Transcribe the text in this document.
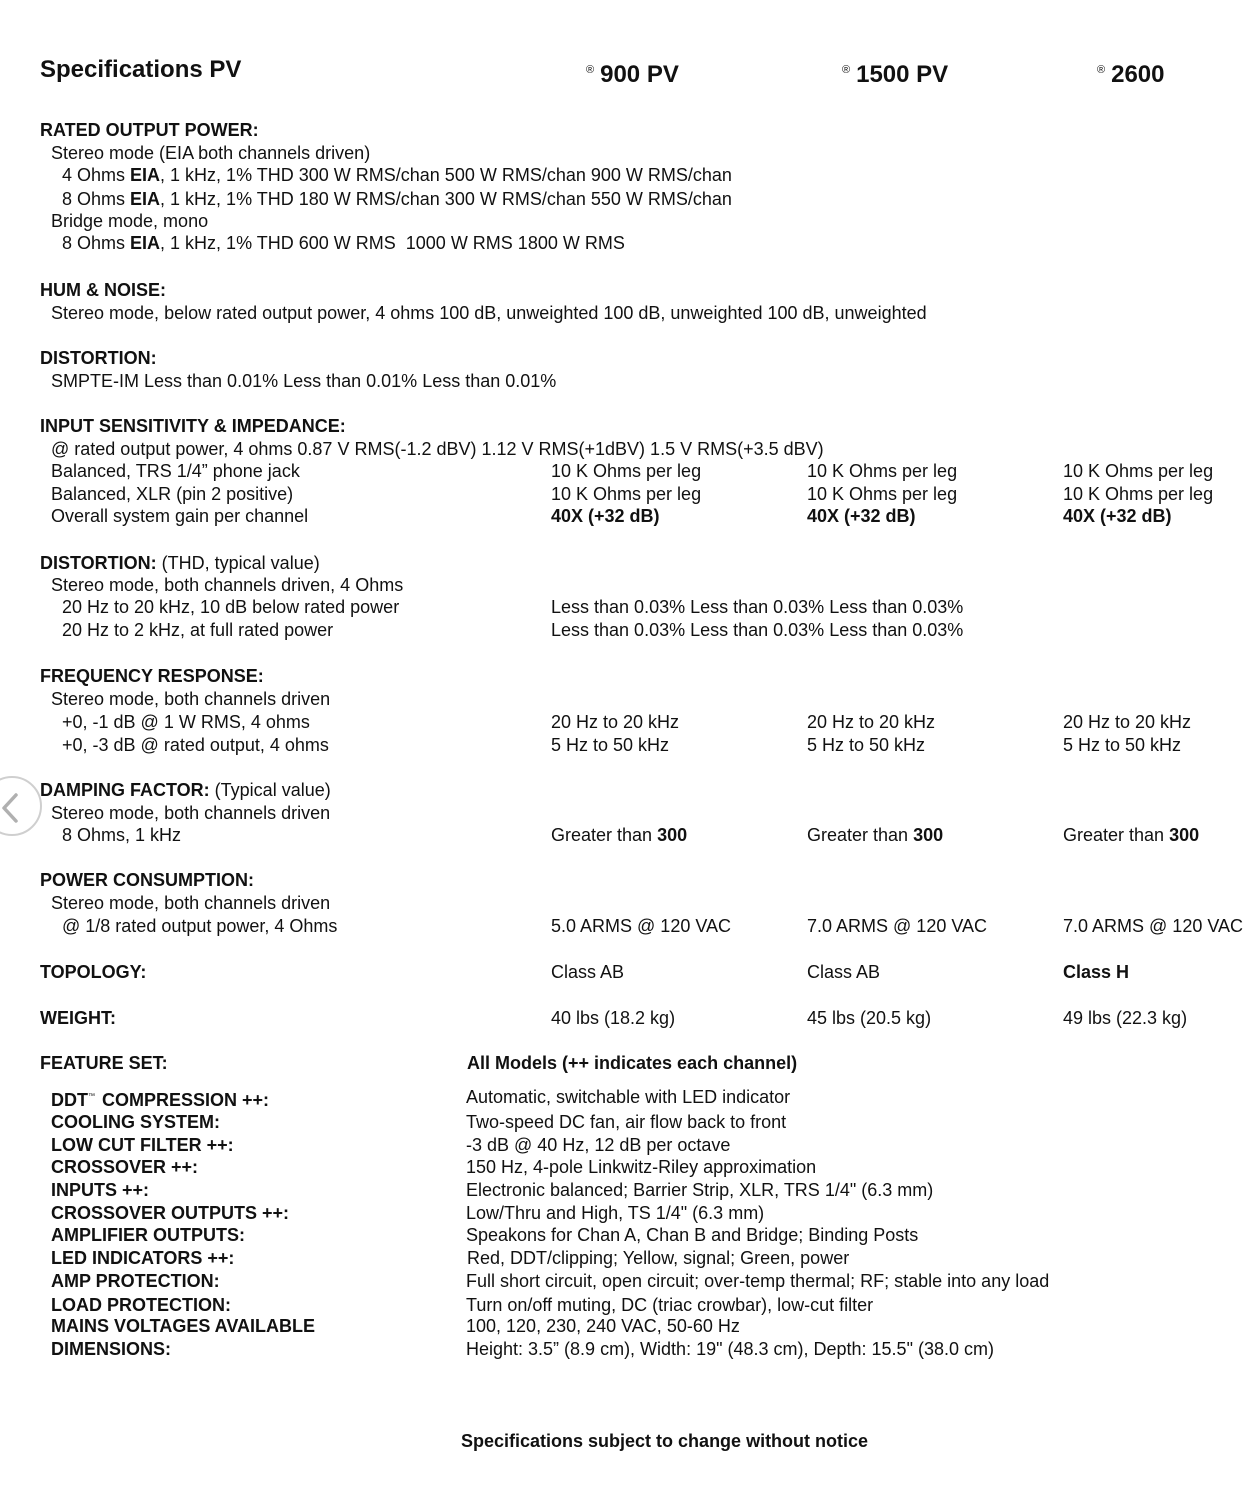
Specifications PV	® 900 PV	® 1500 PV	® 2600
RATED OUTPUT POWER:
Stereo mode (EIA both channels driven)
4 Ohms EIA, 1 kHz, 1% THD 300 W RMS/chan 500 W RMS/chan 900 W RMS/chan
8 Ohms EIA, 1 kHz, 1% THD 180 W RMS/chan 300 W RMS/chan 550 W RMS/chan
Bridge mode, mono
8 Ohms EIA, 1 kHz, 1% THD 600 W RMS  1000 W RMS 1800 W RMS
HUM & NOISE:
Stereo mode, below rated output power, 4 ohms 100 dB, unweighted 100 dB, unweighted 100 dB, unweighted
DISTORTION:
SMPTE-IM Less than 0.01% Less than 0.01% Less than 0.01%
INPUT SENSITIVITY & IMPEDANCE:
@ rated output power, 4 ohms 0.87 V RMS(-1.2 dBV) 1.12 V RMS(+1dBV) 1.5 V RMS(+3.5 dBV)
Balanced, TRS 1/4” phone jack	10 K Ohms per leg	10 K Ohms per leg	10 K Ohms per leg
Balanced, XLR (pin 2 positive)	10 K Ohms per leg	10 K Ohms per leg	10 K Ohms per leg
Overall system gain per channel	40X (+32 dB)	40X (+32 dB)	40X (+32 dB)
DISTORTION: (THD, typical value)
Stereo mode, both channels driven, 4 Ohms
20 Hz to 20 kHz, 10 dB below rated power	Less than 0.03% Less than 0.03% Less than 0.03%
20 Hz to 2 kHz, at full rated power	Less than 0.03% Less than 0.03% Less than 0.03%
FREQUENCY RESPONSE:
Stereo mode, both channels driven
+0, -1 dB @ 1 W RMS, 4 ohms	20 Hz to 20 kHz	20 Hz to 20 kHz	20 Hz to 20 kHz
+0, -3 dB @ rated output, 4 ohms	5 Hz to 50 kHz	5 Hz to 50 kHz	5 Hz to 50 kHz
DAMPING FACTOR: (Typical value)
Stereo mode, both channels driven
8 Ohms, 1 kHz	Greater than 300	Greater than 300	Greater than 300
POWER CONSUMPTION:
Stereo mode, both channels driven
@ 1/8 rated output power, 4 Ohms	5.0 ARMS @ 120 VAC	7.0 ARMS @ 120 VAC	7.0 ARMS @ 120 VAC
TOPOLOGY:	Class AB	Class AB	Class H
WEIGHT:	40 lbs (18.2 kg)	45 lbs (20.5 kg)	49 lbs (22.3 kg)
FEATURE SET:	All Models (++ indicates each channel)
DDT™ COMPRESSION ++:	Automatic, switchable with LED indicator
COOLING SYSTEM:	Two-speed DC fan, air flow back to front
LOW CUT FILTER ++:	-3 dB @ 40 Hz, 12 dB per octave
CROSSOVER ++:	150 Hz, 4-pole Linkwitz-Riley approximation
INPUTS ++:	Electronic balanced; Barrier Strip, XLR, TRS 1/4" (6.3 mm)
CROSSOVER OUTPUTS ++:	Low/Thru and High, TS 1/4" (6.3 mm)
AMPLIFIER OUTPUTS:	Speakons for Chan A, Chan B and Bridge; Binding Posts
LED INDICATORS ++:	Red, DDT/clipping; Yellow, signal; Green, power
AMP PROTECTION:	Full short circuit, open circuit; over-temp thermal; RF; stable into any load
LOAD PROTECTION:	Turn on/off muting, DC (triac crowbar), low-cut filter
MAINS VOLTAGES AVAILABLE	100, 120, 230, 240 VAC, 50-60 Hz
DIMENSIONS:	Height: 3.5” (8.9 cm), Width: 19" (48.3 cm), Depth: 15.5" (38.0 cm)
Specifications subject to change without notice
